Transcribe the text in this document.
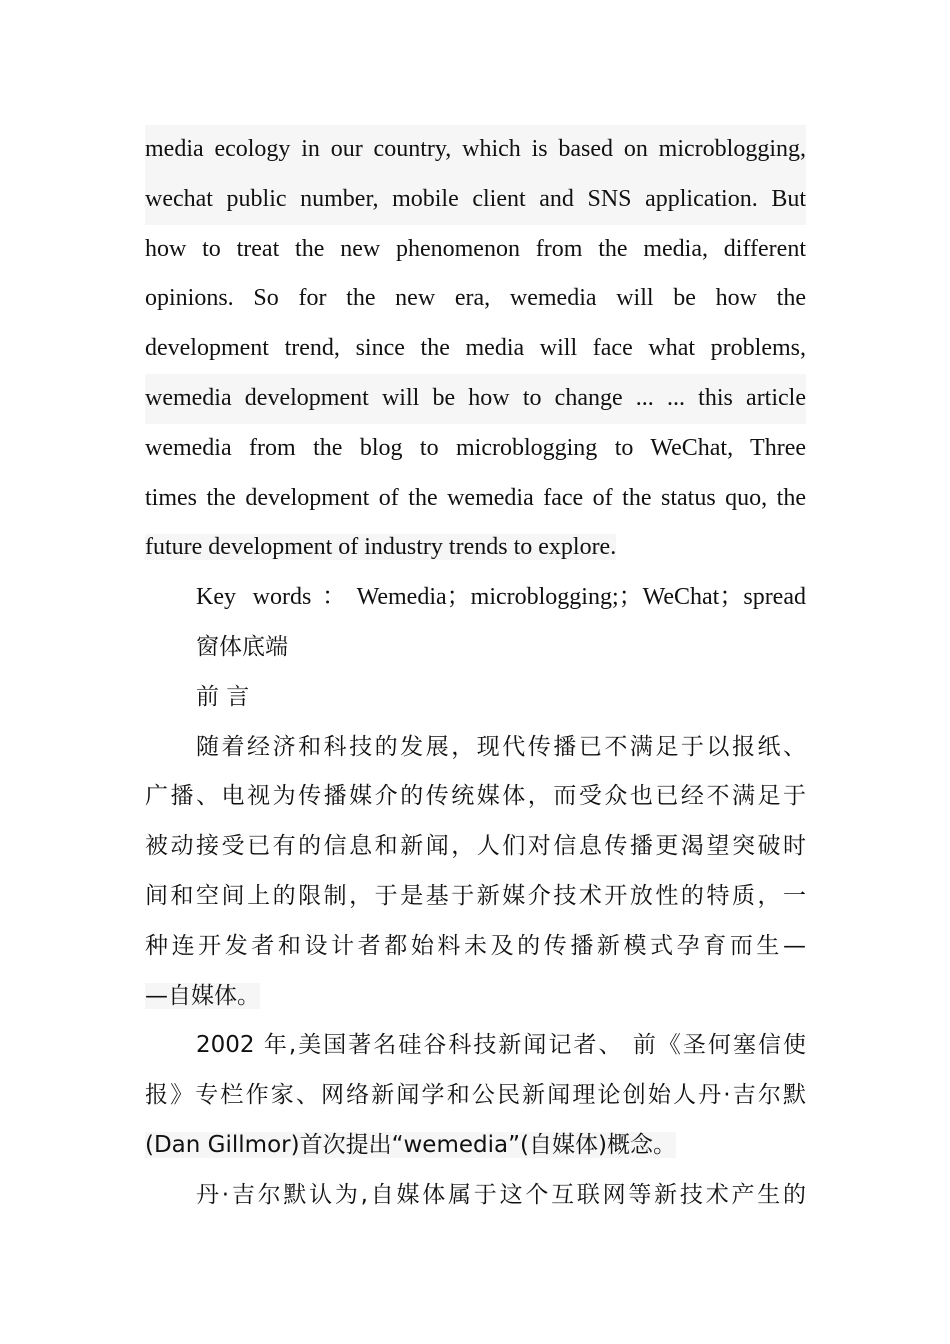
media ecology in our country, which is based on microblogging,
wechat public number, mobile client and SNS application. But
how to treat the new phenomenon from the media, different
opinions. So for the new era, wemedia will be how the
development trend, since the media will face what problems,
wemedia development will be how to change ... ... this article
wemedia from the blog to microblogging to WeChat, Three
times the development of the wemedia face of the status quo, the
future development of industry trends to explore.
Key words：Wemedia；microblogging;；WeChat；spread
窗体底端
前 言
随着经济和科技的发展，现代传播已不满足于以报纸、
广播、电视为传播媒介的传统媒体，而受众也已经不满足于
被动接受已有的信息和新闻，人们对信息传播更渴望突破时
间和空间上的限制，于是基于新媒介技术开放性的特质，一
种连开发者和设计者都始料未及的传播新模式孕育而生—
—自媒体。
2002 年,美国著名硅谷科技新闻记者、 前《圣何塞信使
报》专栏作家、网络新闻学和公民新闻理论创始人丹·吉尔默
(Dan Gillmor)首次提出“wemedia”(自媒体)概念。
丹·吉尔默认为,自媒体属于这个互联网等新技术产生的
